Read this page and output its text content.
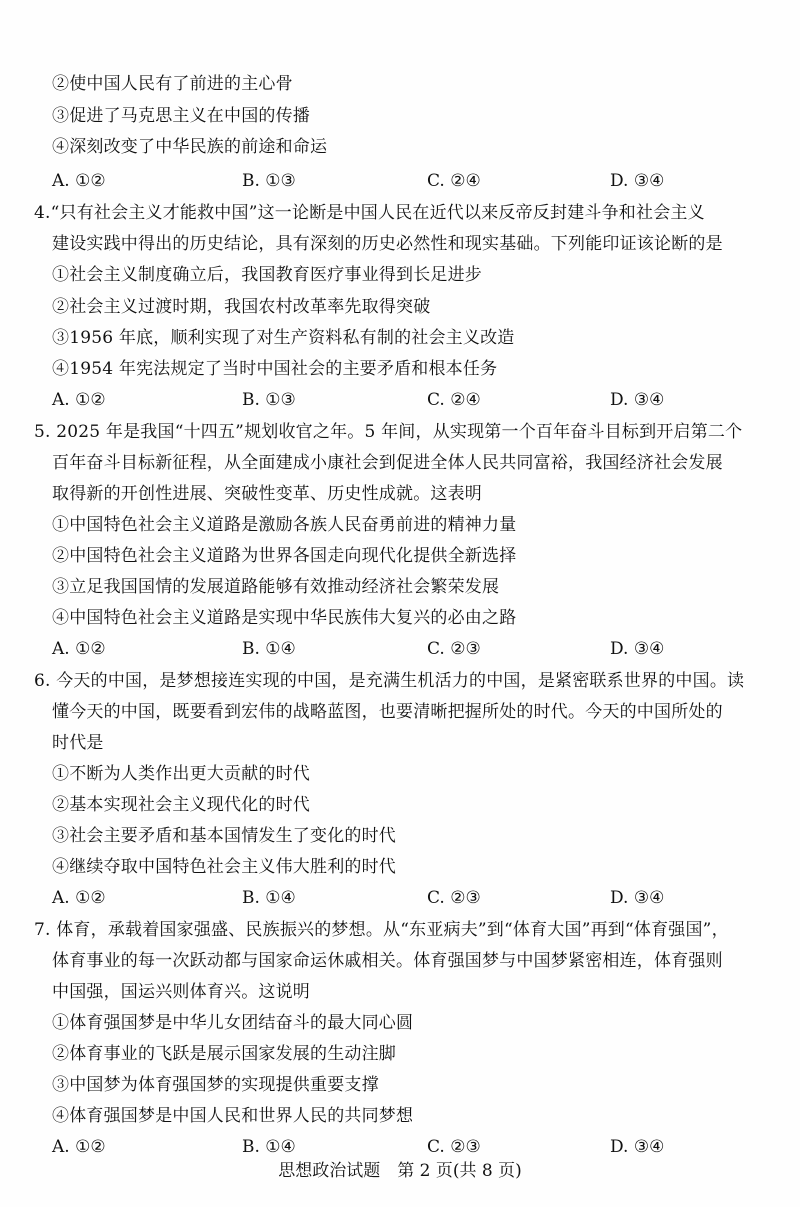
②使中国人民有了前进的主心骨
③促进了马克思主义在中国的传播
④深刻改变了中华民族的前途和命运
A. ①②	B. ①③	C. ②④	D. ③④
4.“只有社会主义才能救中国”这一论断是中国人民在近代以来反帝反封建斗争和社会主义
建设实践中得出的历史结论，具有深刻的历史必然性和现实基础。下列能印证该论断的是
①社会主义制度确立后，我国教育医疗事业得到长足进步
②社会主义过渡时期，我国农村改革率先取得突破
③1956 年底，顺利实现了对生产资料私有制的社会主义改造
④1954 年宪法规定了当时中国社会的主要矛盾和根本任务
A. ①②	B. ①③	C. ②④	D. ③④
5. 2025 年是我国“十四五”规划收官之年。5 年间，从实现第一个百年奋斗目标到开启第二个
百年奋斗目标新征程，从全面建成小康社会到促进全体人民共同富裕，我国经济社会发展
取得新的开创性进展、突破性变革、历史性成就。这表明
①中国特色社会主义道路是激励各族人民奋勇前进的精神力量
②中国特色社会主义道路为世界各国走向现代化提供全新选择
③立足我国国情的发展道路能够有效推动经济社会繁荣发展
④中国特色社会主义道路是实现中华民族伟大复兴的必由之路
A. ①②	B. ①④	C. ②③	D. ③④
6. 今天的中国，是梦想接连实现的中国，是充满生机活力的中国，是紧密联系世界的中国。读
懂今天的中国，既要看到宏伟的战略蓝图，也要清晰把握所处的时代。今天的中国所处的
时代是
①不断为人类作出更大贡献的时代
②基本实现社会主义现代化的时代
③社会主要矛盾和基本国情发生了变化的时代
④继续夺取中国特色社会主义伟大胜利的时代
A. ①②	B. ①④	C. ②③	D. ③④
7. 体育，承载着国家强盛、民族振兴的梦想。从“东亚病夫”到“体育大国”再到“体育强国”，
体育事业的每一次跃动都与国家命运休戚相关。体育强国梦与中国梦紧密相连，体育强则
中国强，国运兴则体育兴。这说明
①体育强国梦是中华儿女团结奋斗的最大同心圆
②体育事业的飞跃是展示国家发展的生动注脚
③中国梦为体育强国梦的实现提供重要支撑
④体育强国梦是中国人民和世界人民的共同梦想
A. ①②	B. ①④	C. ②③	D. ③④
思想政治试题　第 2 页(共 8 页)
